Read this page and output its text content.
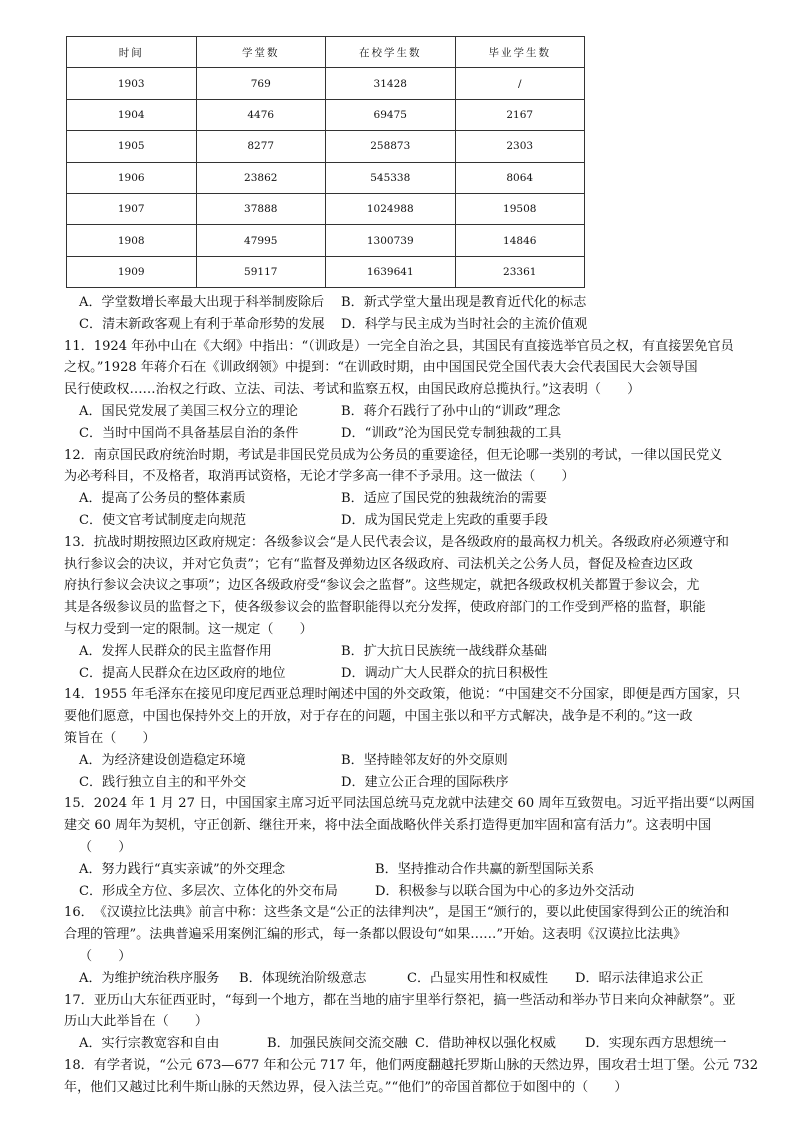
时间	学堂数	在校学生数	毕业学生数
1903	769	31428	/
1904	4476	69475	2167
1905	8277	258873	2303
1906	23862	545338	8064
1907	37888	1024988	19508
1908	47995	1300739	14846
1909	59117	1639641	23361
A．学堂数增长率最大出现于科举制废除后 B．新式学堂大量出现是教育近代化的标志
C．清末新政客观上有利于革命形势的发展 D．科学与民主成为当时社会的主流价值观
11．1924 年孙中山在《大纲》中指出：“（训政是）一完全自治之县，其国民有直接选举官员之权，有直接罢免官员
之权。”1928 年蒋介石在《训政纲领》中提到：“在训政时期，由中国国民党全国代表大会代表国民大会领导国
民行使政权……治权之行政、立法、司法、考试和监察五权，由国民政府总揽执行。”这表明（　　）
A．国民党发展了美国三权分立的理论	B．蒋介石践行了孙中山的“训政”理念
C．当时中国尚不具备基层自治的条件	D．“训政”沦为国民党专制独裁的工具
12．南京国民政府统治时期，考试是非国民党员成为公务员的重要途径，但无论哪一类别的考试，一律以国民党义
为必考科目，不及格者，取消再试资格，无论才学多高一律不予录用。这一做法（　　）
A．提高了公务员的整体素质	B．适应了国民党的独裁统治的需要
C．使文官考试制度走向规范	D．成为国民党走上宪政的重要手段
13．抗战时期按照边区政府规定：各级参议会“是人民代表会议，是各级政府的最高权力机关。各级政府必须遵守和
执行参议会的决议，并对它负责”；它有“监督及弹劾边区各级政府、司法机关之公务人员，督促及检查边区政
府执行参议会决议之事项”；边区各级政府受“参议会之监督”。这些规定，就把各级政权机关都置于参议会，尤
其是各级参议员的监督之下，使各级参议会的监督职能得以充分发挥，使政府部门的工作受到严格的监督，职能
与权力受到一定的限制。这一规定（　　）
A．发挥人民群众的民主监督作用	B．扩大抗日民族统一战线群众基础
C．提高人民群众在边区政府的地位	D．调动广大人民群众的抗日积极性
14．1955 年毛泽东在接见印度尼西亚总理时阐述中国的外交政策，他说：“中国建交不分国家，即便是西方国家，只
要他们愿意，中国也保持外交上的开放，对于存在的问题，中国主张以和平方式解决，战争是不利的。”这一政
策旨在（　　）
A．为经济建设创造稳定环境	B．坚持睦邻友好的外交原则
C．践行独立自主的和平外交	D．建立公正合理的国际秩序
15．2024 年 1 月 27 日，中国国家主席习近平同法国总统马克龙就中法建交 60 周年互致贺电。习近平指出要“以两国
建交 60 周年为契机，守正创新、继往开来，将中法全面战略伙伴关系打造得更加牢固和富有活力”。这表明中国
（　　）
A．努力践行“真实亲诚”的外交理念	B．坚持推动合作共赢的新型国际关系
C．形成全方位、多层次、立体化的外交布局	D．积极参与以联合国为中心的多边外交活动
16．《汉谟拉比法典》前言中称：这些条文是“公正的法律判决”，是国王“颁行的，要以此使国家得到公正的统治和
合理的管理”。法典普遍采用案例汇编的形式，每一条都以假设句“如果……”开始。这表明《汉谟拉比法典》
（　　）
A．为维护统治秩序服务 B．体现统治阶级意志	C．凸显实用性和权威性 D．昭示法律追求公正
17．亚历山大东征西亚时，“每到一个地方，都在当地的庙宇里举行祭祀，搞一些活动和举办节日来向众神献祭”。亚
历山大此举旨在（　　）
A．实行宗教宽容和自由	B．加强民族间交流交融 C．借助神权以强化权威 D．实现东西方思想统一
18．有学者说，“公元 673—677 年和公元 717 年，他们两度翻越托罗斯山脉的天然边界，围攻君士坦丁堡。公元 732
年，他们又越过比利牛斯山脉的天然边界，侵入法兰克。”“他们”的帝国首都位于如图中的（　　）
